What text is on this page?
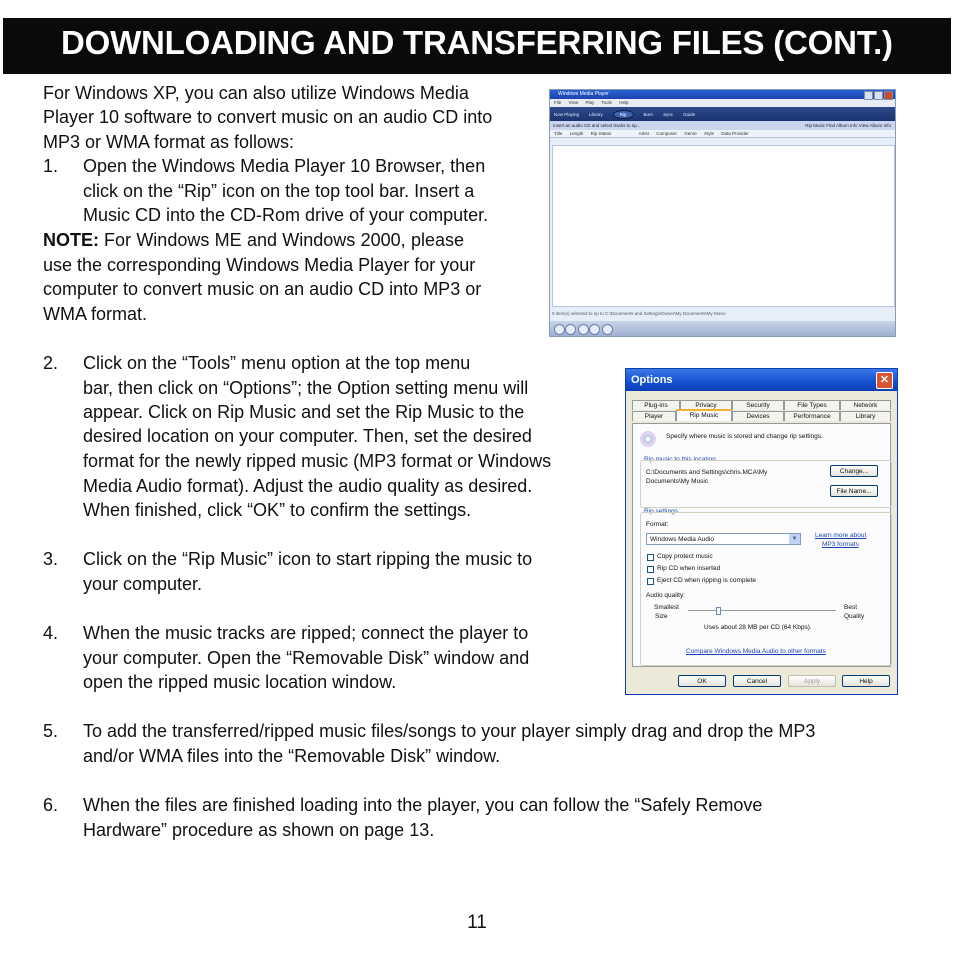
DOWNLOADING AND TRANSFERRING FILES (CONT.)

For Windows XP, you can also utilize Windows Media

Player 10 software to convert music on an audio CD into

MP3 or WMA format as follows:

1. Open the Windows Media Player 10 Browser, then

click on the “Rip” icon on the top tool bar. Insert a

Music CD into the CD-Rom drive of your computer.

NOTE: For Windows ME and Windows 2000, please

use the corresponding Windows Media Player for your

computer to convert music on an audio CD into MP3 or

WMA format.

2. Click on the “Tools” menu option at the top menu

bar, then click on “Options”; the Option setting menu will

appear. Click on Rip Music and set the Rip Music to the

desired location on your computer. Then, set the desired

format for the newly ripped music (MP3 format or Windows

Media Audio format). Adjust the audio quality as desired.

When finished, click “OK” to confirm the settings.

3. Click on the “Rip Music” icon to start ripping the music to

your computer.

4. When the music tracks are ripped; connect the player to

your computer. Open the “Removable Disk” window and

open the ripped music location window.

5. To add the transferred/ripped music files/songs to your player simply drag and drop the MP3

and/or WMA files into the “Removable Disk” window.

6. When the files are finished loading into the player, you can follow the “Safely Remove

Hardware” procedure as shown on page 13.

11
Windows Media Player
File View Play Tools Help
Now Playing Library	Rip	Burn Sync Guide
Insert an audio CD and select tracks to rip...	Rip Music Find Album Info View Album Info
Title Length Rip Status	Artist Composer Genre Style Data Provider
0 item(s) selected to rip to C:\Documents and Settings\Owner\My Documents\My Music
Options	✕
Plug-ins	Privacy	Security	File Types	Network
Player	Rip Music	Devices	Performance	Library
Specify where music is stored and change rip settings.
Rip music to this location
C:\Documents and Settings\chris.MCA\My
Documents\My Music
Change...
File Name...
Rip settings
Format:
Windows Media Audio	▼	Learn more about
MP3 formats
Copy protect music
Rip CD when inserted
Eject CD when ripping is complete
Audio quality:
Smallest
Size
Best
Quality
Uses about 28 MB per CD (64 Kbps).
Compare Windows Media Audio to other formats
OK	Cancel	Apply	Help
